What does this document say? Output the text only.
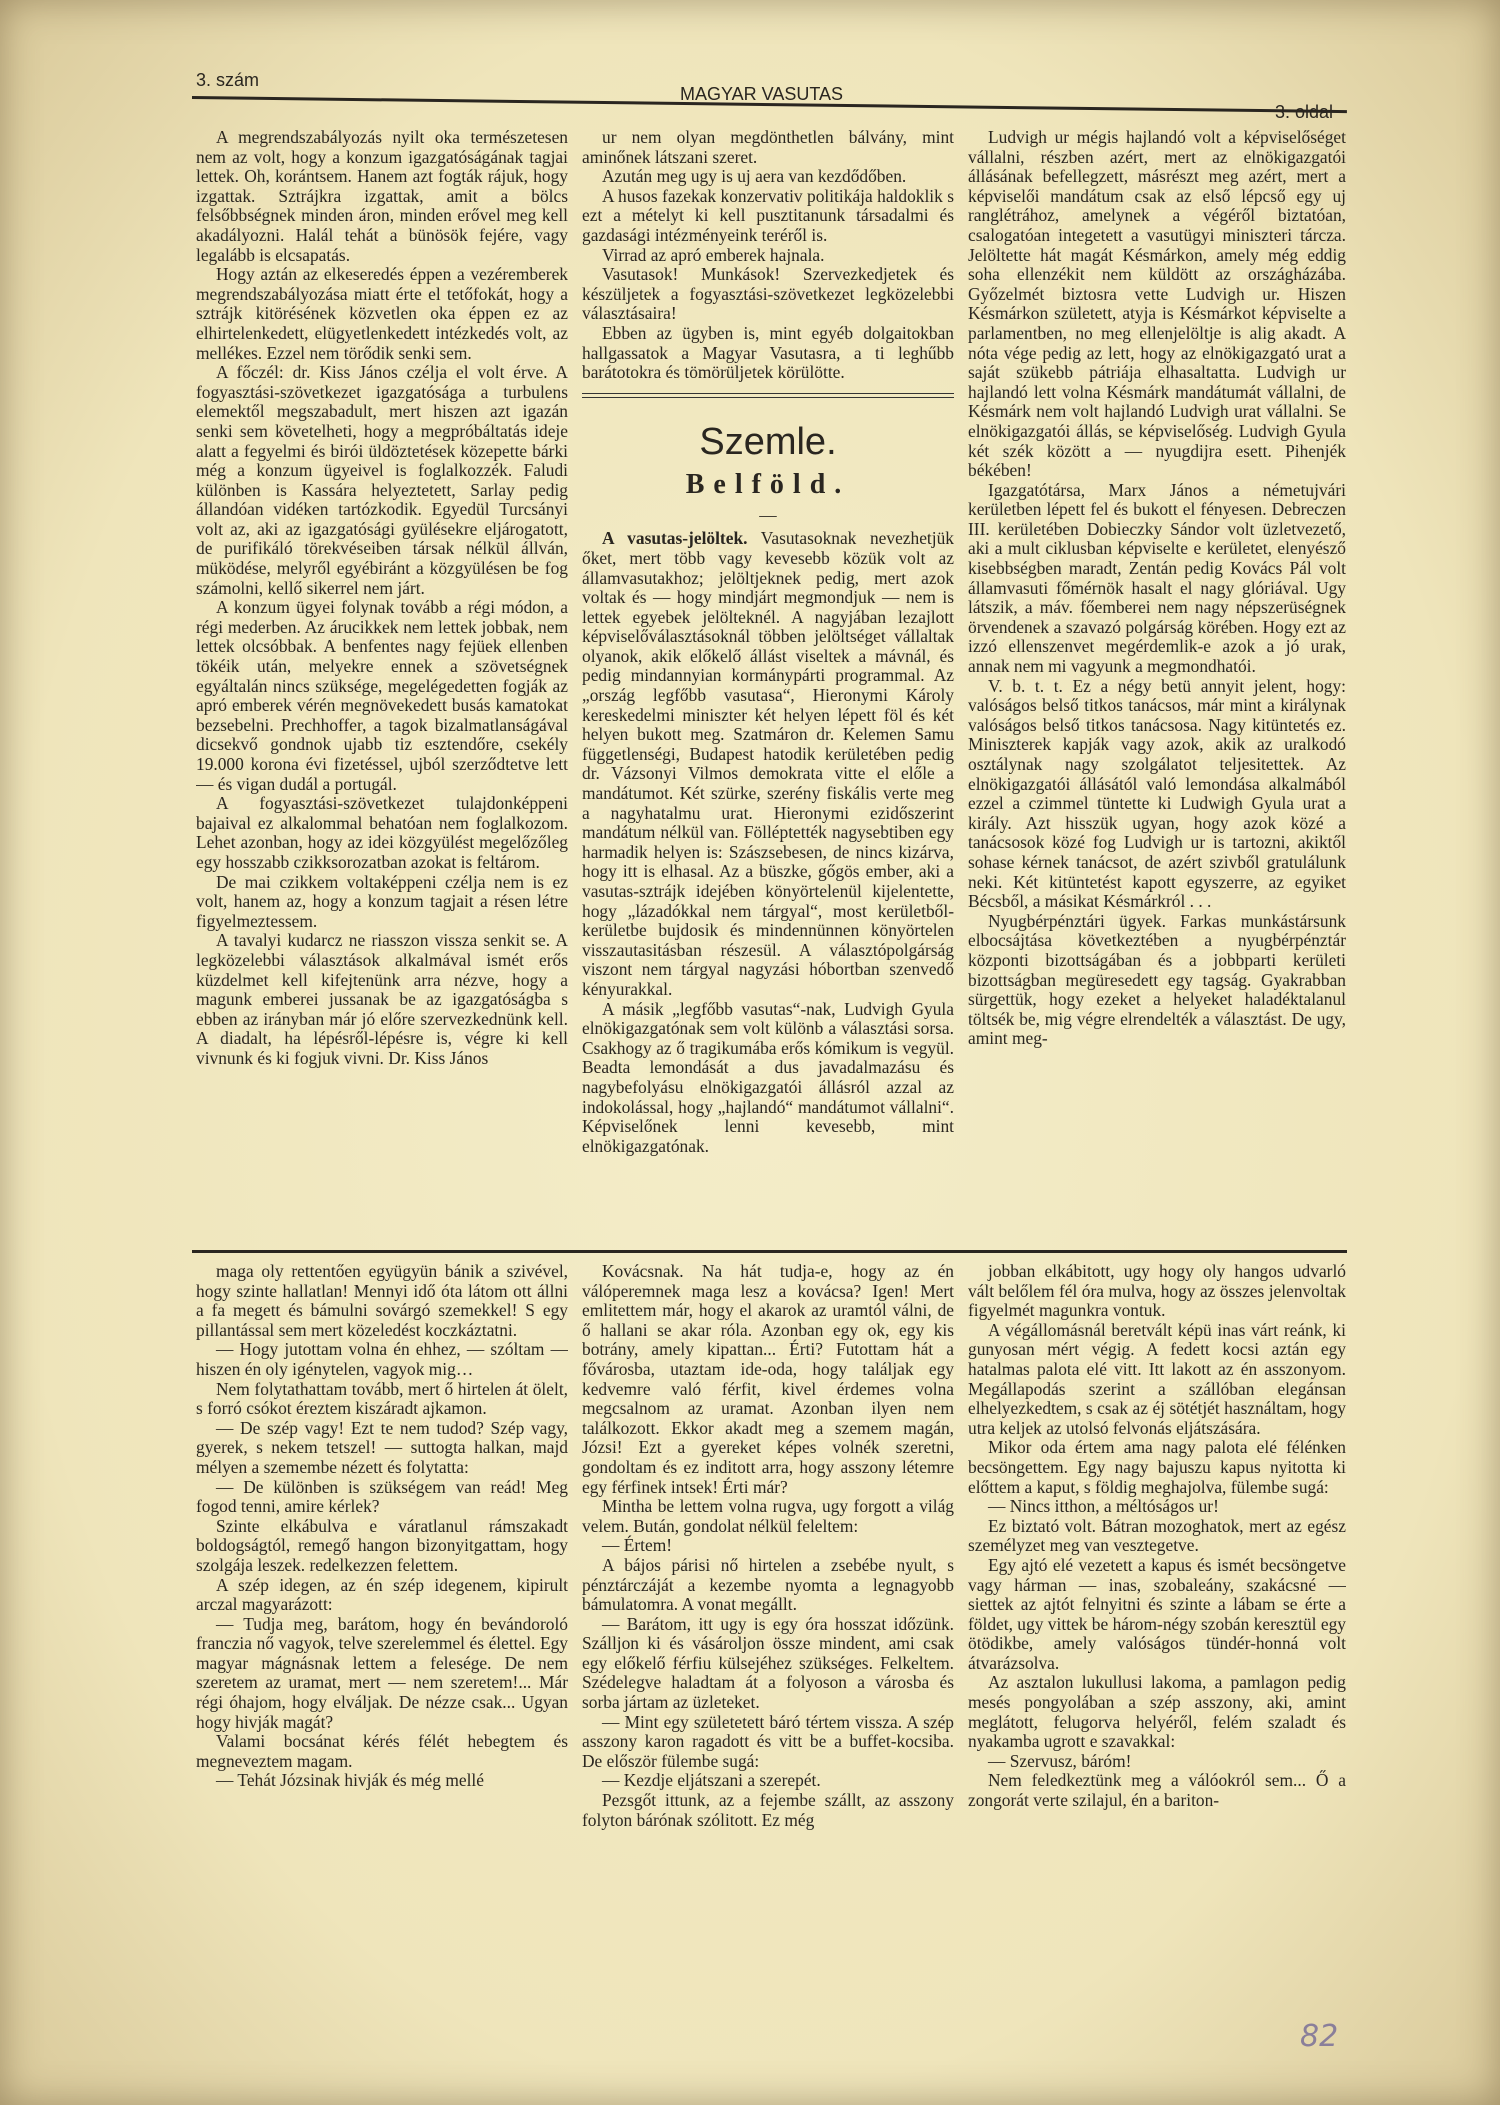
3. szám
MAGYAR VASUTAS

A megrendszabályozás nyilt oka természetesen nem az volt, hogy a konzum igazgatóságának tagjai lettek. Oh, korántsem. Hanem azt fogták rájuk, hogy izgattak. Sztrájkra izgattak, amit a bölcs felsőbbségnek minden áron, minden erővel meg kell akadályozni. Halál tehát a bünösök fejére, vagy legalább is elcsapatás.

Hogy aztán az elkeseredés éppen a vezéremberek megrendszabályozása miatt érte el tetőfokát, hogy a sztrájk kitörésének közvetlen oka éppen ez az elhirtelenkedett, elügyetlenkedett intézkedés volt, az mellékes. Ezzel nem törődik senki sem.

A főczél: dr. Kiss János czélja el volt érve. A fogyasztási-szövetkezet igazgatósága a turbulens elemektől megszabadult, mert hiszen azt igazán senki sem követelheti, hogy a megpróbáltatás ideje alatt a fegyelmi és birói üldöztetések közepette bárki még a konzum ügyeivel is foglalkozzék. Faludi különben is Kassára helyeztetett, Sarlay pedig állandóan vidéken tartózkodik. Egyedül Turcsányi volt az, aki az igazgatósági gyülésekre eljárogatott, de purifikáló törekvéseiben társak nélkül állván, müködése, melyről egyébiránt a közgyülésen be fog számolni, kellő sikerrel nem járt.

A konzum ügyei folynak tovább a régi módon, a régi mederben. Az árucikkek nem lettek jobbak, nem lettek olcsóbbak. A benfentes nagy fejüek ellenben tökéik után, melyekre ennek a szövetségnek egyáltalán nincs szüksége, megelégedetten fogják az apró emberek vérén megnövekedett busás kamatokat bezsebelni. Prechhoffer, a tagok bizalmatlanságával dicsekvő gondnok ujabb tiz esztendőre, csekély 19.000 korona évi fizetéssel, ujból szerződtetve lett — és vigan dudál a portugál.

A fogyasztási-szövetkezet tulajdonképpeni bajaival ez alkalommal behatóan nem foglalkozom. Lehet azonban, hogy az idei közgyülést megelőzőleg egy hosszabb czikksorozatban azokat is feltárom.

De mai czikkem voltaképpeni czélja nem is ez volt, hanem az, hogy a konzum tagjait a résen létre figyelmeztessem.

A tavalyi kudarcz ne riasszon vissza senkit se. A legközelebbi választások alkalmával ismét erős küzdelmet kell kifejtenünk arra nézve, hogy a magunk emberei jussanak be az igazgatóságba s ebben az irányban már jó előre szervezkednünk kell. A diadalt, ha lépésről-lépésre is, végre ki kell vivnunk és ki fogjuk vivni. Dr. Kiss János

ur nem olyan megdönthetlen bálvány, mint aminőnek látszani szeret.

Azután meg ugy is uj aera van kezdődőben.

A husos fazekak konzervativ politikája haldoklik s ezt a mételyt ki kell pusztitanunk társadalmi és gazdasági intézményeink teréről is.

Virrad az apró emberek hajnala.

Vasutasok! Munkások! Szervezkedjetek és készüljetek a fogyasztási-szövetkezet legközelebbi választásaira!

Ebben az ügyben is, mint egyéb dolgaitokban hallgassatok a Magyar Vasutasra, a ti leghűbb barátotokra és tömörüljetek körülötte.

Szemle.
Belföld.
—

A vasutas-jelöltek. Vasutasoknak nevezhetjük őket, mert több vagy kevesebb közük volt az államvasutakhoz; jelöltjeknek pedig, mert azok voltak és — hogy mindjárt megmondjuk — nem is lettek egyebek jelölteknél. A nagyjában lezajlott képviselőválasztásoknál többen jelöltséget vállaltak olyanok, akik előkelő állást viseltek a mávnál, és pedig mindannyian kormánypárti programmal. Az „ország legfőbb vasutasa“, Hieronymi Károly kereskedelmi miniszter két helyen lépett föl és két helyen bukott meg. Szatmáron dr. Kelemen Samu függetlenségi, Budapest hatodik kerületében pedig dr. Vázsonyi Vilmos demokrata vitte el előle a mandátumot. Két szürke, szerény fiskális verte meg a nagyhatalmu urat. Hieronymi ezidőszerint mandátum nélkül van. Fölléptették nagysebtiben egy harmadik helyen is: Szászsebesen, de nincs kizárva, hogy itt is elhasal. Az a büszke, gőgös ember, aki a vasutas-sztrájk idejében könyörtelenül kijelentette, hogy „lázadókkal nem tárgyal“, most kerületből-kerületbe bujdosik és mindennünnen könyörtelen visszautasitásban részesül. A választópolgárság viszont nem tárgyal nagyzási hóbortban szenvedő kényurakkal.

A másik „legfőbb vasutas“-nak, Ludvigh Gyula elnökigazgatónak sem volt különb a választási sorsa. Csakhogy az ő tragikumába erős kómikum is vegyül. Beadta lemondását a dus javadalmazásu és nagybefolyásu elnökigazgatói állásról azzal az indokolással, hogy „hajlandó“ mandátumot vállalni“. Képviselőnek lenni kevesebb, mint elnökigazgatónak.

Ludvigh ur mégis hajlandó volt a képviselőséget vállalni, részben azért, mert az elnökigazgatói állásának befellegzett, másrészt meg azért, mert a képviselői mandátum csak az első lépcső egy uj ranglétrához, amelynek a végéről biztatóan, csalogatóan integetett a vasutügyi miniszteri tárcza. Jelöltette hát magát Késmárkon, amely még eddig soha ellenzékit nem küldött az országházába. Győzelmét biztosra vette Ludvigh ur. Hiszen Késmárkon született, atyja is Késmárkot képviselte a parlamentben, no meg ellenjelöltje is alig akadt. A nóta vége pedig az lett, hogy az elnökigazgató urat a saját szükebb pátriája elhasaltatta. Ludvigh ur hajlandó lett volna Késmárk mandátumát vállalni, de Késmárk nem volt hajlandó Ludvigh urat vállalni. Se elnökigazgatói állás, se képviselőség. Ludvigh Gyula két szék között a — nyugdijra esett. Pihenjék békében!

Igazgatótársa, Marx János a németujvári kerületben lépett fel és bukott el fényesen. Debreczen III. kerületében Dobieczky Sándor volt üzletvezető, aki a mult ciklusban képviselte e kerületet, elenyésző kisebbségben maradt, Zentán pedig Kovács Pál volt államvasuti főmérnök hasalt el nagy glóriával. Ugy látszik, a máv. főemberei nem nagy népszerüségnek örvendenek a szavazó polgárság körében. Hogy ezt az izzó ellenszenvet megérdemlik-e azok a jó urak, annak nem mi vagyunk a megmondhatói.

V. b. t. t. Ez a négy betü annyit jelent, hogy: valóságos belső titkos tanácsos, már mint a királynak valóságos belső titkos tanácsosa. Nagy kitüntetés ez. Miniszterek kapják vagy azok, akik az uralkodó osztálynak nagy szolgálatot teljesitettek. Az elnökigazgatói állásától való lemondása alkalmából ezzel a czimmel tüntette ki Ludwigh Gyula urat a király. Azt hisszük ugyan, hogy azok közé a tanácsosok közé fog Ludvigh ur is tartozni, akiktől sohase kérnek tanácsot, de azért szivből gratulálunk neki. Két kitüntetést kapott egyszerre, az egyiket Bécsből, a másikat Késmárkról . . .

Nyugbérpénztári ügyek. Farkas munkástársunk elbocsájtása következtében a nyugbérpénztár központi bizottságában és a jobbparti kerületi bizottságban megüresedett egy tagság. Gyakrabban sürgettük, hogy ezeket a helyeket haladéktalanul töltsék be, mig végre elrendelték a választást. De ugy, amint meg-

maga oly rettentően együgyün bánik a szivével, hogy szinte hallatlan! Mennyi idő óta látom ott állni a fa megett és bámulni sovárgó szemekkel! S egy pillantással sem mert közeledést koczkáztatni.

— Hogy jutottam volna én ehhez, — szóltam — hiszen én oly igénytelen, vagyok mig…

Nem folytathattam tovább, mert ő hirtelen át ölelt, s forró csókot éreztem kiszáradt ajkamon.

— De szép vagy! Ezt te nem tudod? Szép vagy, gyerek, s nekem tetszel! — suttogta halkan, majd mélyen a szemembe nézett és folytatta:

— De különben is szükségem van reád! Meg fogod tenni, amire kérlek?

Szinte elkábulva e váratlanul rámszakadt boldogságtól, remegő hangon bizonyitgattam, hogy szolgája leszek. redelkezzen felettem.

A szép idegen, az én szép idegenem, kipirult arczal magyarázott:

— Tudja meg, barátom, hogy én bevándoroló franczia nő vagyok, telve szerelemmel és élettel. Egy magyar mágnásnak lettem a felesége. De nem szeretem az uramat, mert — nem szeretem!... Már régi óhajom, hogy elváljak. De nézze csak... Ugyan hogy hivják magát?

Valami bocsánat kérés félét hebegtem és megneveztem magam.

— Tehát Józsinak hivják és még mellé

Kovácsnak. Na hát tudja-e, hogy az én válóperemnek maga lesz a kovácsa? Igen! Mert emlitettem már, hogy el akarok az uramtól válni, de ő hallani se akar róla. Azonban egy ok, egy kis botrány, amely kipattan... Érti? Futottam hát a fővárosba, utaztam ide-oda, hogy találjak egy kedvemre való férfit, kivel érdemes volna megcsalnom az uramat. Azonban ilyen nem találkozott. Ekkor akadt meg a szemem magán, Józsi! Ezt a gyereket képes volnék szeretni, gondoltam és ez inditott arra, hogy asszony létemre egy férfinek intsek! Érti már?

Mintha be lettem volna rugva, ugy forgott a világ velem. Bután, gondolat nélkül feleltem:

— Értem!

A bájos párisi nő hirtelen a zsebébe nyult, s pénztárczáját a kezembe nyomta a legnagyobb bámulatomra. A vonat megállt.

— Barátom, itt ugy is egy óra hosszat időzünk. Szálljon ki és vásároljon össze mindent, ami csak egy előkelő férfiu külsejéhez szükséges. Felkeltem. Szédelegve haladtam át a folyoson a városba és sorba jártam az üzleteket.

— Mint egy születetett báró tértem vissza. A szép asszony karon ragadott és vitt be a buffet-kocsiba. De először fülembe sugá:

— Kezdje eljátszani a szerepét.

Pezsgőt ittunk, az a fejembe szállt, az asszony folyton bárónak szólitott. Ez még

jobban elkábitott, ugy hogy oly hangos udvarló vált belőlem fél óra mulva, hogy az összes jelenvoltak figyelmét magunkra vontuk.

A végállomásnál beretvált képü inas várt reánk, ki gunyosan mért végig. A fedett kocsi aztán egy hatalmas palota elé vitt. Itt lakott az én asszonyom. Megállapodás szerint a szállóban elegánsan elhelyezkedtem, s csak az éj sötétjét használtam, hogy utra keljek az utolsó felvonás eljátszására.

Mikor oda értem ama nagy palota elé félénken becsöngettem. Egy nagy bajuszu kapus nyitotta ki előttem a kaput, s földig meghajolva, fülembe sugá:

— Nincs itthon, a méltóságos ur!

Ez biztató volt. Bátran mozoghatok, mert az egész személyzet meg van vesztegetve.

Egy ajtó elé vezetett a kapus és ismét becsöngetve vagy hárman — inas, szobaleány, szakácsné — siettek az ajtót felnyitni és szinte a lábam se érte a földet, ugy vittek be három-négy szobán keresztül egy ötödikbe, amely valóságos tündér-honná volt átvarázsolva.

Az asztalon lukullusi lakoma, a pamlagon pedig mesés pongyolában a szép asszony, aki, amint meglátott, felugorva helyéről, felém szaladt és nyakamba ugrott e szavakkal:

— Szervusz, báróm!

Nem feledkeztünk meg a válóokról sem... Ő a zongorát verte szilajul, én a bariton-

82
